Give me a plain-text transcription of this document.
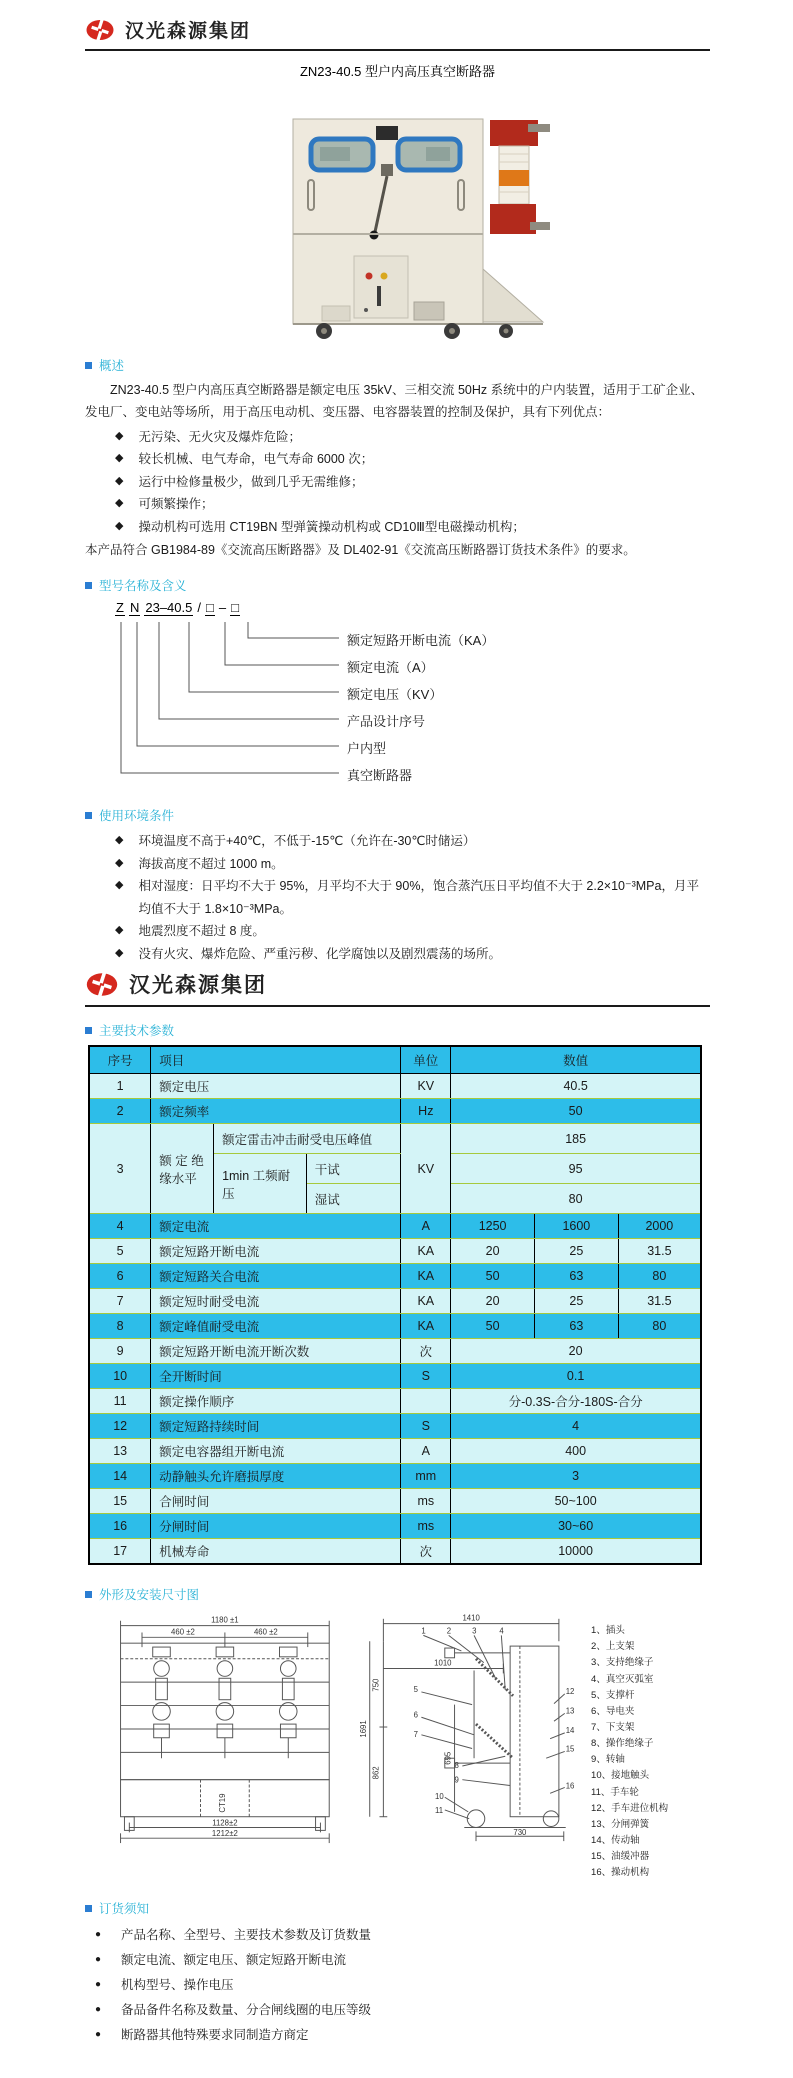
汉光森源集团
ZN23-40.5 型户内高压真空断路器
概述
ZN23-40.5 型户内高压真空断路器是额定电压 35kV、三相交流 50Hz 系统中的户内装置，适用于工矿企业、发电厂、变电站等场所，用于高压电动机、变压器、电容器装置的控制及保护，具有下列优点：
◆ 无污染、无火灾及爆炸危险；
◆ 较长机械、电气寿命，电气寿命 6000 次；
◆ 运行中检修量极少，做到几乎无需维修；
◆ 可频繁操作；
◆ 操动机构可选用 CT19BN 型弹簧操动机构或 CD10Ⅲ型电磁操动机构；
本产品符合 GB1984-89《交流高压断路器》及 DL402-91《交流高压断路器订货技术条件》的要求。
型号名称及含义
Z N 23–40.5 / □ – □
额定短路开断电流（KA）
额定电流（A）
额定电压（KV）
产品设计序号
户内型
真空断路器
使用环境条件
◆ 环境温度不高于+40℃，不低于-15℃（允许在-30℃时储运）
◆ 海拔高度不超过 1000 m。
◆ 相对湿度：日平均不大于 95%，月平均不大于 90%，饱合蒸汽压日平均值不大于 2.2×10⁻³MPa，月平均值不大于 1.8×10⁻³MPa。
◆ 地震烈度不超过 8 度。
◆ 没有火灾、爆炸危险、严重污秽、化学腐蚀以及剧烈震荡的场所。
汉光森源集团
主要技术参数
序号	项目			单位	数值		
1	额定电压			KV	40.5		
2	额定频率			Hz	50		
3	额 定 绝 缘水平	额定雷击冲击耐受电压峰值		KV	185		
		1min 工频耐压	干试		95		
			湿试		80		
4	额定电流			A	1250	1600	2000
5	额定短路开断电流			KA	20	25	31.5
6	额定短路关合电流			KA	50	63	80
7	额定短时耐受电流			KA	20	25	31.5
8	额定峰值耐受电流			KA	50	63	80
9	额定短路开断电流开断次数			次	20		
10	全开断时间			S	0.1		
11	额定操作顺序				分-0.3S-合分-180S-合分		
12	额定短路持续时间			S	4		
13	额定电容器组开断电流			A	400		
14	动静触头允许磨损厚度			mm	3		
15	合闸时间			ms	50~100		
16	分闸时间			ms	30~60		
17	机械寿命			次	10000		
外形及安装尺寸图
1180 ±1
460 ±2	460 ±2
CT19
1128±2
1212±2
1410
1010
750
1691
862
695
730
1	2	3	4
5
6
7
8
9
10
11
12
13
14
15
16
1、插头
2、上支架
3、支持绝缘子
4、真空灭弧室
5、支撑杆
6、导电夹
7、下支架
8、操作绝缘子
9、转轴
10、接地触头
11、手车轮
12、手车进位机构
13、分闸弹簧
14、传动轴
15、油缓冲器
16、操动机构
订货须知
● 产品名称、全型号、主要技术参数及订货数量
● 额定电流、额定电压、额定短路开断电流
● 机构型号、操作电压
● 备品备件名称及数量、分合闸线圈的电压等级
● 断路器其他特殊要求同制造方商定
